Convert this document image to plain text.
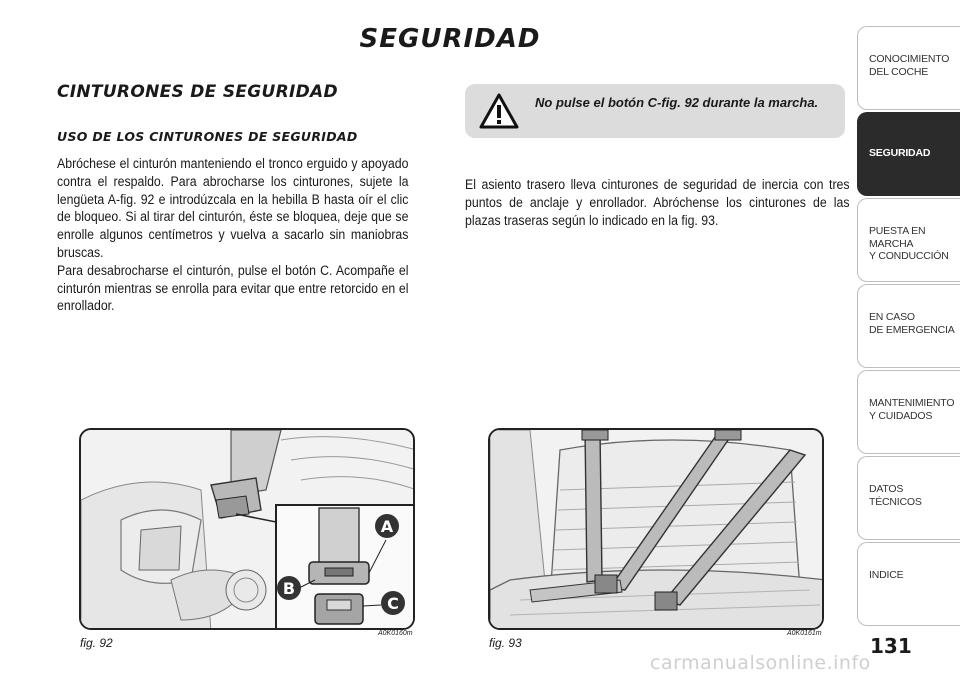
SEGURIDAD
CINTURONES DE SEGURIDAD
USO DE LOS CINTURONES DE SEGURIDAD

Abróchese el cinturón manteniendo el tronco erguido y apoyado contra el respaldo. Para abrocharse los cinturones, sujete la lengüeta A-fig. 92 e introdúzcala en la hebilla B hasta oír el clic de bloqueo. Si al tirar del cinturón, éste se bloquea, deje que se enrolle algunos centímetros y vuelva a sacarlo sin maniobras bruscas.

Para desabrocharse el cinturón, pulse el botón C. Acompañe el cinturón mientras se enrolla para evitar que entre retorcido en el enrollador.

No pulse el botón C-fig. 92 durante la marcha.
El asiento trasero lleva cinturones de seguridad de inercia con tres puntos de anclaje y enrollador. Abróchense los cinturones de las plazas traseras según lo indicado en la fig. 93.
A
B
C
fig. 92
A0K0160m
fig. 93
A0K0161m
CONOCIMIENTO
DEL COCHE
SEGURIDAD
PUESTA EN MARCHA
Y CONDUCCIÓN
EN CASO
DE EMERGENCIA
MANTENIMIENTO
Y CUIDADOS
DATOS TÉCNICOS
INDICE
131
carmanualsonline.info
